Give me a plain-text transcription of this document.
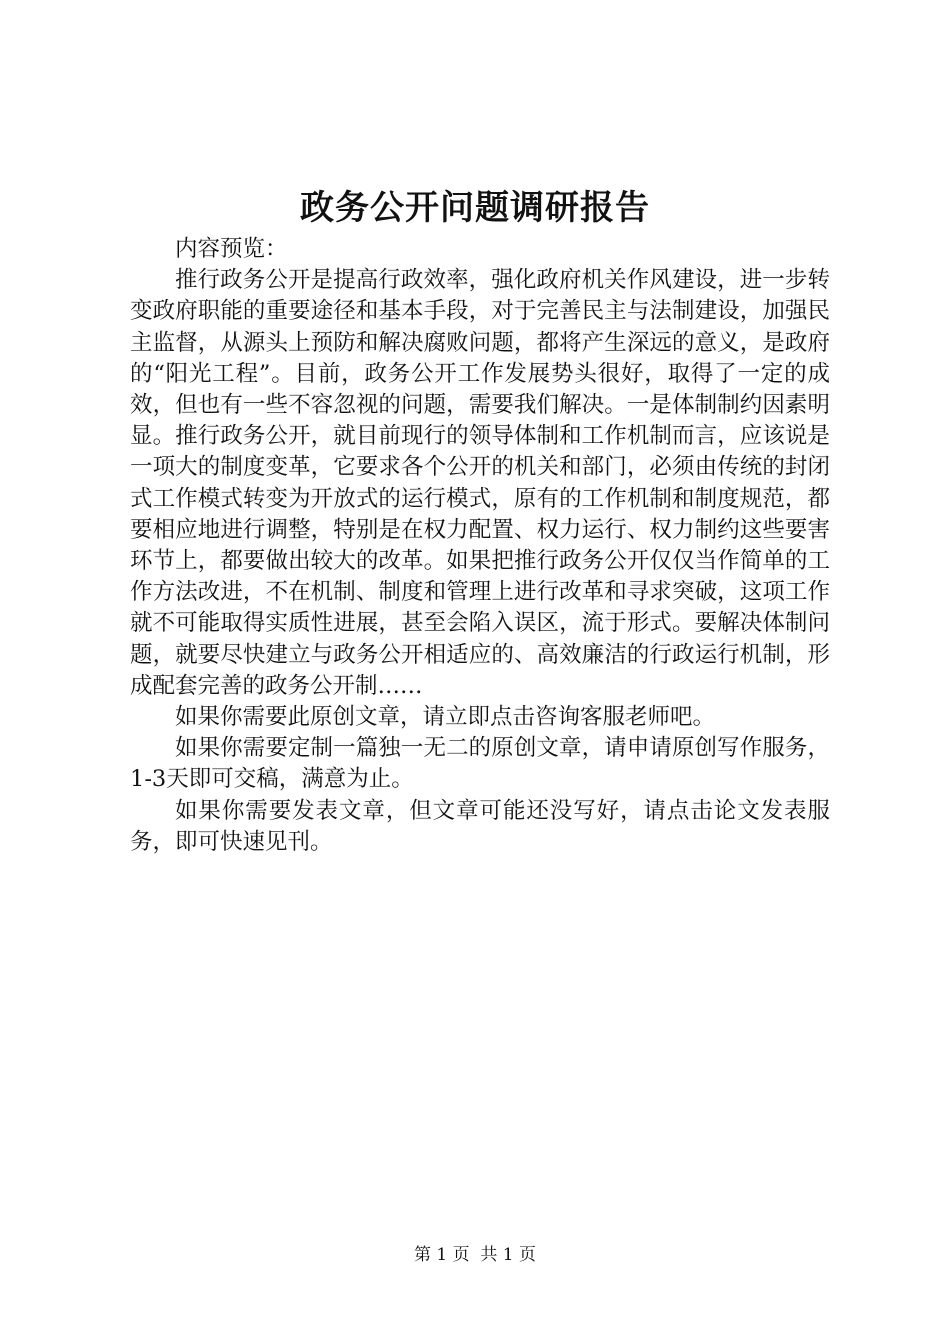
政务公开问题调研报告

内容预览：

推行政务公开是提高行政效率，强化政府机关作风建设，进一步转变政府职能的重要途径和基本手段，对于完善民主与法制建设，加强民主监督，从源头上预防和解决腐败问题，都将产生深远的意义，是政府的“阳光工程”。目前，政务公开工作发展势头很好，取得了一定的成效，但也有一些不容忽视的问题，需要我们解决。一是体制制约因素明显。推行政务公开，就目前现行的领导体制和工作机制而言，应该说是一项大的制度变革，它要求各个公开的机关和部门，必须由传统的封闭式工作模式转变为开放式的运行模式，原有的工作机制和制度规范，都要相应地进行调整，特别是在权力配置、权力运行、权力制约这些要害环节上，都要做出较大的改革。如果把推行政务公开仅仅当作简单的工作方法改进，不在机制、制度和管理上进行改革和寻求突破，这项工作就不可能取得实质性进展，甚至会陷入误区，流于形式。要解决体制问题，就要尽快建立与政务公开相适应的、高效廉洁的行政运行机制，形成配套完善的政务公开制……

如果你需要此原创文章，请立即点击咨询客服老师吧。

如果你需要定制一篇独一无二的原创文章，请申请原创写作服务，1-3天即可交稿，满意为止。

如果你需要发表文章，但文章可能还没写好，请点击论文发表服务，即可快速见刊。

第 1 页 共 1 页
